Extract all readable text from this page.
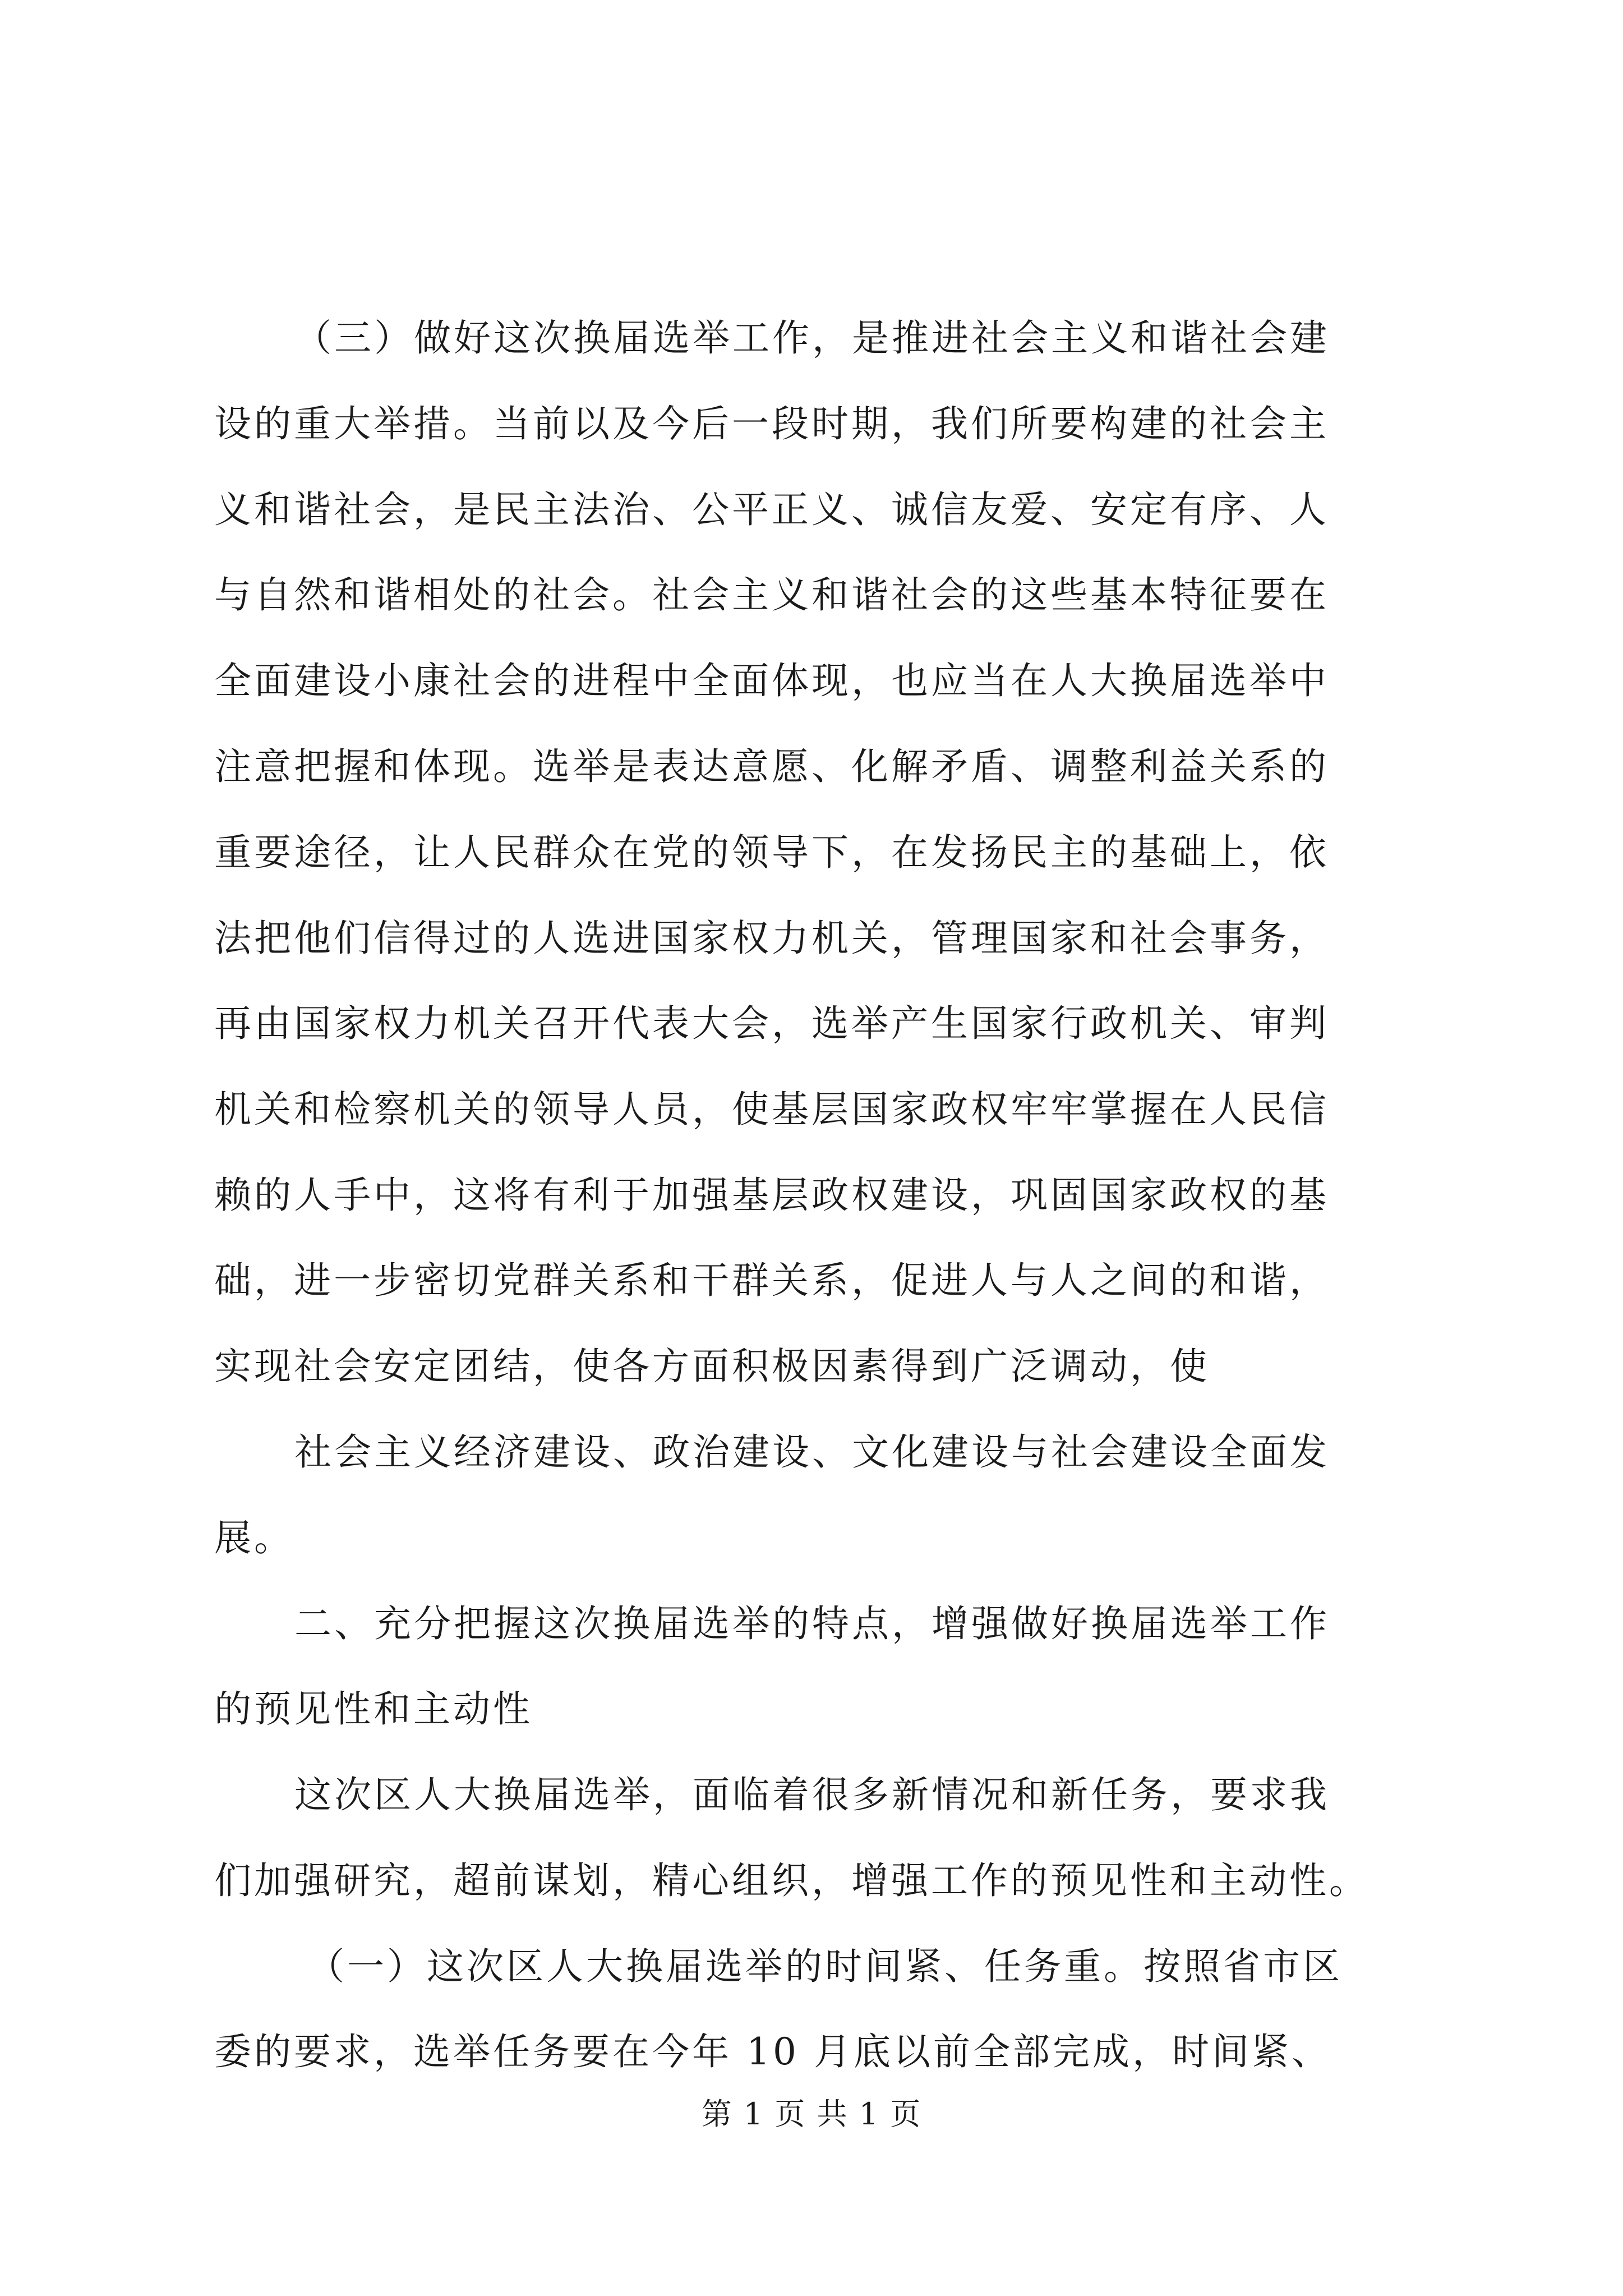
（三）做好这次换届选举工作，是推进社会主义和谐社会建
设的重大举措。当前以及今后一段时期，我们所要构建的社会主
义和谐社会，是民主法治、公平正义、诚信友爱、安定有序、人
与自然和谐相处的社会。社会主义和谐社会的这些基本特征要在
全面建设小康社会的进程中全面体现，也应当在人大换届选举中
注意把握和体现。选举是表达意愿、化解矛盾、调整利益关系的
重要途径，让人民群众在党的领导下，在发扬民主的基础上，依
法把他们信得过的人选进国家权力机关，管理国家和社会事务，
再由国家权力机关召开代表大会，选举产生国家行政机关、审判
机关和检察机关的领导人员，使基层国家政权牢牢掌握在人民信
赖的人手中，这将有利于加强基层政权建设，巩固国家政权的基
础，进一步密切党群关系和干群关系，促进人与人之间的和谐，
实现社会安定团结，使各方面积极因素得到广泛调动，使
社会主义经济建设、政治建设、文化建设与社会建设全面发
展。
二、充分把握这次换届选举的特点，增强做好换届选举工作
的预见性和主动性
这次区人大换届选举，面临着很多新情况和新任务，要求我
们加强研究，超前谋划，精心组织，增强工作的预见性和主动性。
（一）这次区人大换届选举的时间紧、任务重。按照省市区
委的要求，选举任务要在今年 10 月底以前全部完成，时间紧、
第 1 页 共 1 页
